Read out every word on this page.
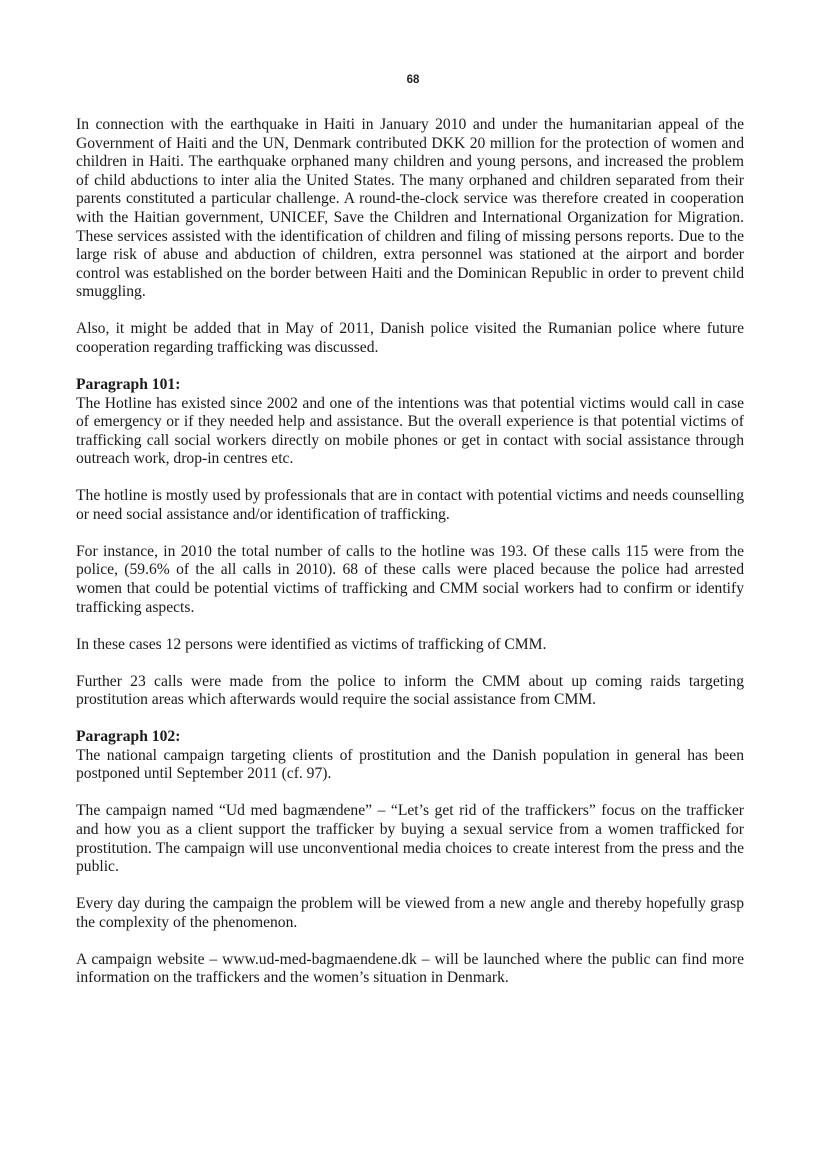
68

In connection with the earthquake in Haiti in January 2010 and under the humanitarian appeal of the Government of Haiti and the UN, Denmark contributed DKK 20 million for the protection of women and children in Haiti. The earthquake orphaned many children and young persons, and increased the problem of child abductions to inter alia the United States. The many orphaned and children separated from their parents constituted a particular challenge. A round-the-clock service was therefore created in cooperation with the Haitian government, UNICEF, Save the Children and International Organization for Migration. These services assisted with the identification of children and filing of missing persons reports. Due to the large risk of abuse and abduction of children, extra personnel was stationed at the airport and border control was established on the border between Haiti and the Dominican Republic in order to prevent child smuggling.

Also, it might be added that in May of 2011, Danish police visited the Rumanian police where future cooperation regarding trafficking was discussed.

Paragraph 101:
The Hotline has existed since 2002 and one of the intentions was that potential victims would call in case of emergency or if they needed help and assistance. But the overall experience is that potential victims of trafficking call social workers directly on mobile phones or get in contact with social assistance through outreach work, drop-in centres etc.

The hotline is mostly used by professionals that are in contact with potential victims and needs counselling or need social assistance and/or identification of trafficking.

For instance, in 2010 the total number of calls to the hotline was 193. Of these calls 115 were from the police, (59.6% of the all calls in 2010). 68 of these calls were placed because the police had arrested women that could be potential victims of trafficking and CMM social workers had to confirm or identify trafficking aspects.

In these cases 12 persons were identified as victims of trafficking of CMM.

Further 23 calls were made from the police to inform the CMM about up coming raids targeting prostitution areas which afterwards would require the social assistance from CMM.

Paragraph 102:
The national campaign targeting clients of prostitution and the Danish population in general has been postponed until September 2011 (cf. 97).

The campaign named “Ud med bagmændene” – “Let’s get rid of the traffickers” focus on the trafficker and how you as a client support the trafficker by buying a sexual service from a women trafficked for prostitution. The campaign will use unconventional media choices to create interest from the press and the public.

Every day during the campaign the problem will be viewed from a new angle and thereby hopefully grasp the complexity of the phenomenon.

A campaign website – www.ud-med-bagmaendene.dk – will be launched where the public can find more information on the traffickers and the women’s situation in Denmark.
